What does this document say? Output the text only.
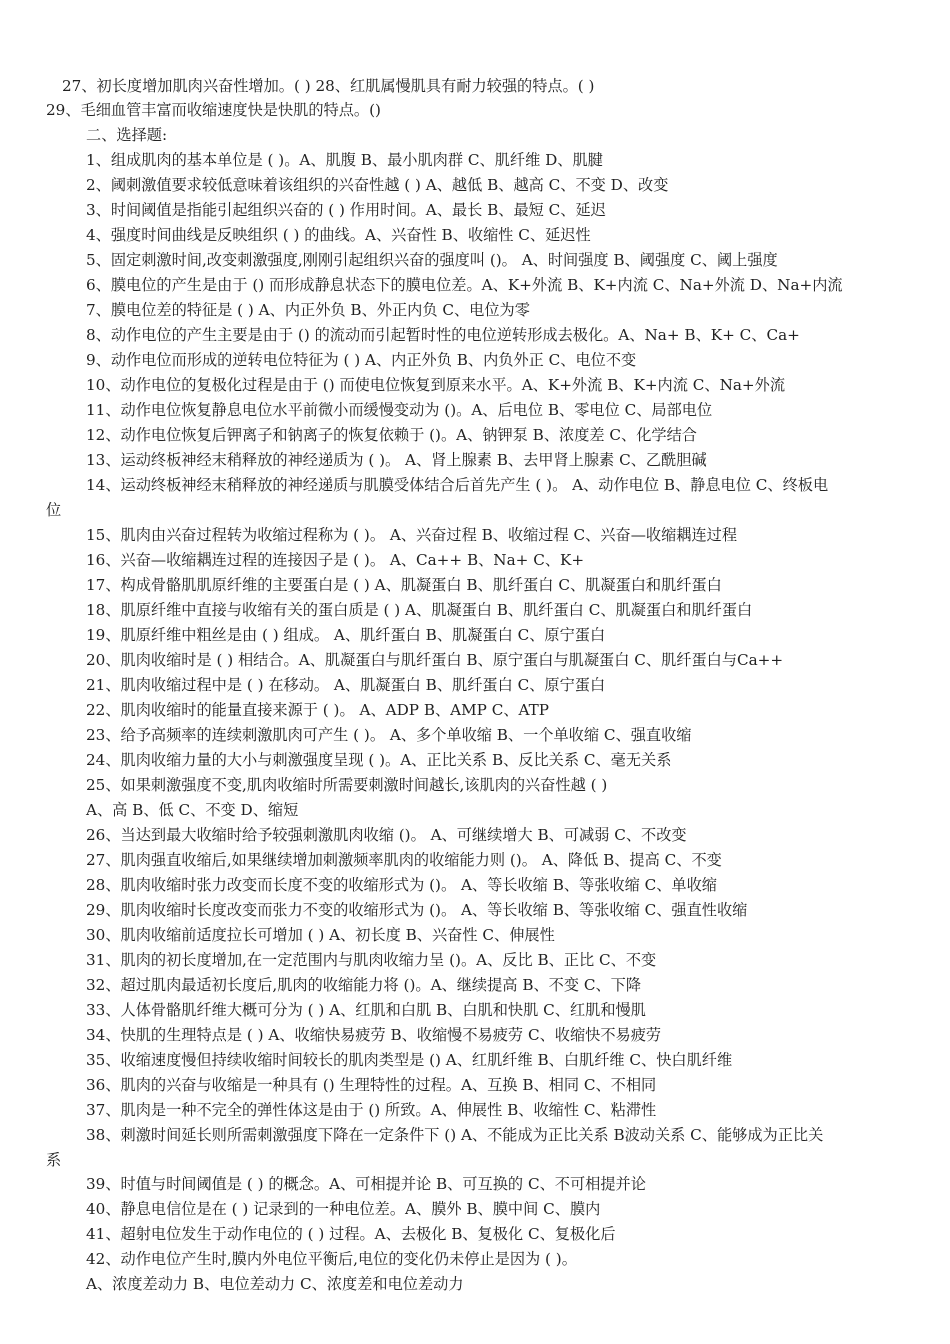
27、初长度增加肌肉兴奋性增加。( ) 28、红肌属慢肌具有耐力较强的特点。( )
29、毛细血管丰富而收缩速度快是快肌的特点。()
二、选择题:
1、组成肌肉的基本单位是 ( )。A、肌腹 B、最小肌肉群 C、肌纤维 D、肌腱
2、阈刺激值要求较低意味着该组织的兴奋性越 ( ) A、越低 B、越高 C、不变 D、改变
3、时间阈值是指能引起组织兴奋的 ( ) 作用时间。A、最长 B、最短 C、延迟
4、强度时间曲线是反映组织 ( ) 的曲线。A、兴奋性 B、收缩性 C、延迟性
5、固定刺激时间,改变刺激强度,刚刚引起组织兴奋的强度叫 ()。 A、时间强度 B、阈强度 C、阈上强度
6、膜电位的产生是由于 () 而形成静息状态下的膜电位差。A、K+外流 B、K+内流 C、Na+外流 D、Na+内流
7、膜电位差的特征是 ( ) A、内正外负 B、外正内负 C、电位为零
8、动作电位的产生主要是由于 () 的流动而引起暂时性的电位逆转形成去极化。A、Na+ B、K+ C、Ca+
9、动作电位而形成的逆转电位特征为 ( ) A、内正外负 B、内负外正 C、电位不变
10、动作电位的复极化过程是由于 () 而使电位恢复到原来水平。A、K+外流 B、K+内流 C、Na+外流
11、动作电位恢复静息电位水平前微小而缓慢变动为 ()。A、后电位 B、零电位 C、局部电位
12、动作电位恢复后钾离子和钠离子的恢复依赖于 ()。A、钠钾泵 B、浓度差 C、化学结合
13、运动终板神经末稍释放的神经递质为 ( )。 A、肾上腺素 B、去甲肾上腺素 C、乙酰胆碱
14、运动终板神经末稍释放的神经递质与肌膜受体结合后首先产生 ( )。 A、动作电位 B、静息电位 C、终板电
位
15、肌肉由兴奋过程转为收缩过程称为 ( )。 A、兴奋过程 B、收缩过程 C、兴奋—收缩耦连过程
16、兴奋—收缩耦连过程的连接因子是 ( )。 A、Ca++ B、Na+ C、K+
17、构成骨骼肌肌原纤维的主要蛋白是 ( ) A、肌凝蛋白 B、肌纤蛋白 C、肌凝蛋白和肌纤蛋白
18、肌原纤维中直接与收缩有关的蛋白质是 ( ) A、肌凝蛋白 B、肌纤蛋白 C、肌凝蛋白和肌纤蛋白
19、肌原纤维中粗丝是由 ( ) 组成。 A、肌纤蛋白 B、肌凝蛋白 C、原宁蛋白
20、肌肉收缩时是 ( ) 相结合。A、肌凝蛋白与肌纤蛋白 B、原宁蛋白与肌凝蛋白 C、肌纤蛋白与Ca++
21、肌肉收缩过程中是 ( ) 在移动。 A、肌凝蛋白 B、肌纤蛋白 C、原宁蛋白
22、肌肉收缩时的能量直接来源于 ( )。 A、ADP B、AMP C、ATP
23、给予高频率的连续刺激肌肉可产生 ( )。 A、多个单收缩 B、一个单收缩 C、强直收缩
24、肌肉收缩力量的大小与刺激强度呈现 ( )。A、正比关系 B、反比关系 C、毫无关系
25、如果刺激强度不变,肌肉收缩时所需要刺激时间越长,该肌肉的兴奋性越 ( )
A、高 B、低 C、不变 D、缩短
26、当达到最大收缩时给予较强刺激肌肉收缩 ()。 A、可继续增大 B、可减弱 C、不改变
27、肌肉强直收缩后,如果继续增加刺激频率肌肉的收缩能力则 ()。 A、降低 B、提高 C、不变
28、肌肉收缩时张力改变而长度不变的收缩形式为 ()。 A、等长收缩 B、等张收缩 C、单收缩
29、肌肉收缩时长度改变而张力不变的收缩形式为 ()。 A、等长收缩 B、等张收缩 C、强直性收缩
30、肌肉收缩前适度拉长可增加 ( ) A、初长度 B、兴奋性 C、伸展性
31、肌肉的初长度增加,在一定范围内与肌肉收缩力呈 ()。A、反比 B、正比 C、不变
32、超过肌肉最适初长度后,肌肉的收缩能力将 ()。A、继续提高 B、不变 C、下降
33、人体骨骼肌纤维大概可分为 ( ) A、红肌和白肌 B、白肌和快肌 C、红肌和慢肌
34、快肌的生理特点是 ( ) A、收缩快易疲劳 B、收缩慢不易疲劳 C、收缩快不易疲劳
35、收缩速度慢但持续收缩时间较长的肌肉类型是 () A、红肌纤维 B、白肌纤维 C、快白肌纤维
36、肌肉的兴奋与收缩是一种具有 () 生理特性的过程。A、互换 B、相同 C、不相同
37、肌肉是一种不完全的弹性体这是由于 () 所致。A、伸展性 B、收缩性 C、粘滞性
38、刺激时间延长则所需刺激强度下降在一定条件下 () A、不能成为正比关系 B波动关系 C、能够成为正比关
系
39、时值与时间阈值是 ( ) 的概念。A、可相提并论 B、可互换的 C、不可相提并论
40、静息电信位是在 ( ) 记录到的一种电位差。A、膜外 B、膜中间 C、膜内
41、超射电位发生于动作电位的 ( ) 过程。A、去极化 B、复极化 C、复极化后
42、动作电位产生时,膜内外电位平衡后,电位的变化仍未停止是因为 ( )。
A、浓度差动力 B、电位差动力 C、浓度差和电位差动力
